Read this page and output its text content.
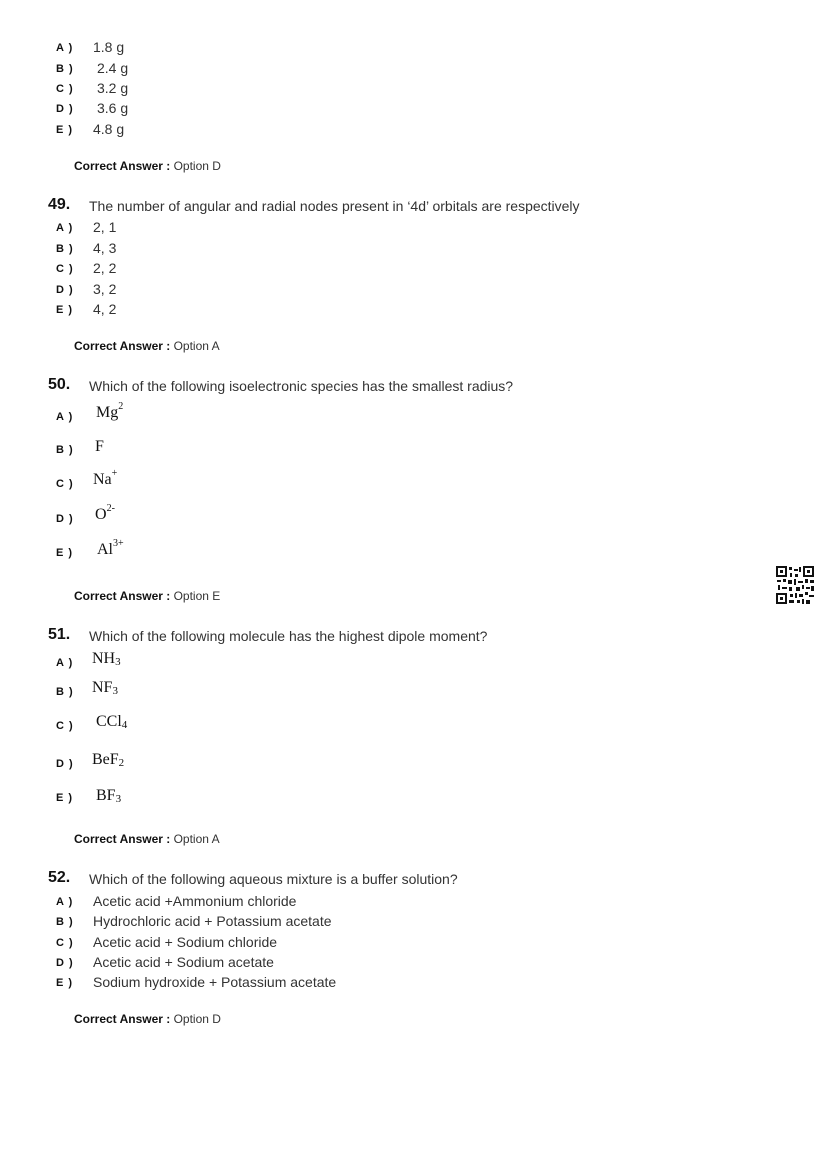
A ) 1.8 g
B ) 2.4 g
C ) 3.2 g
D ) 3.6 g
E ) 4.8 g
Correct Answer : Option D
49. The number of angular and radial nodes present in ‘4d’ orbitals are respectively
A ) 2, 1
B ) 4, 3
C ) 2, 2
D ) 3, 2
E ) 4, 2
Correct Answer : Option A
50. Which of the following isoelectronic species has the smallest radius?
A ) Mg$^2$
B ) F
C ) Na+
D ) $O^{2-}$
E ) $Al^{3+}$
Correct Answer : Option E
51. Which of the following molecule has the highest dipole moment?
A ) $NH_3$
B ) $NF_3$
C ) CCl$_4$
D ) BeF$_2$
E ) $BF_3$
Correct Answer : Option A
52. Which of the following aqueous mixture is a buffer solution?
A ) Acetic acid +Ammonium chloride
B ) Hydrochloric acid + Potassium acetate
C ) Acetic acid + Sodium chloride
D ) Acetic acid + Sodium acetate
E ) Sodium hydroxide + Potassium acetate
Correct Answer : Option D
